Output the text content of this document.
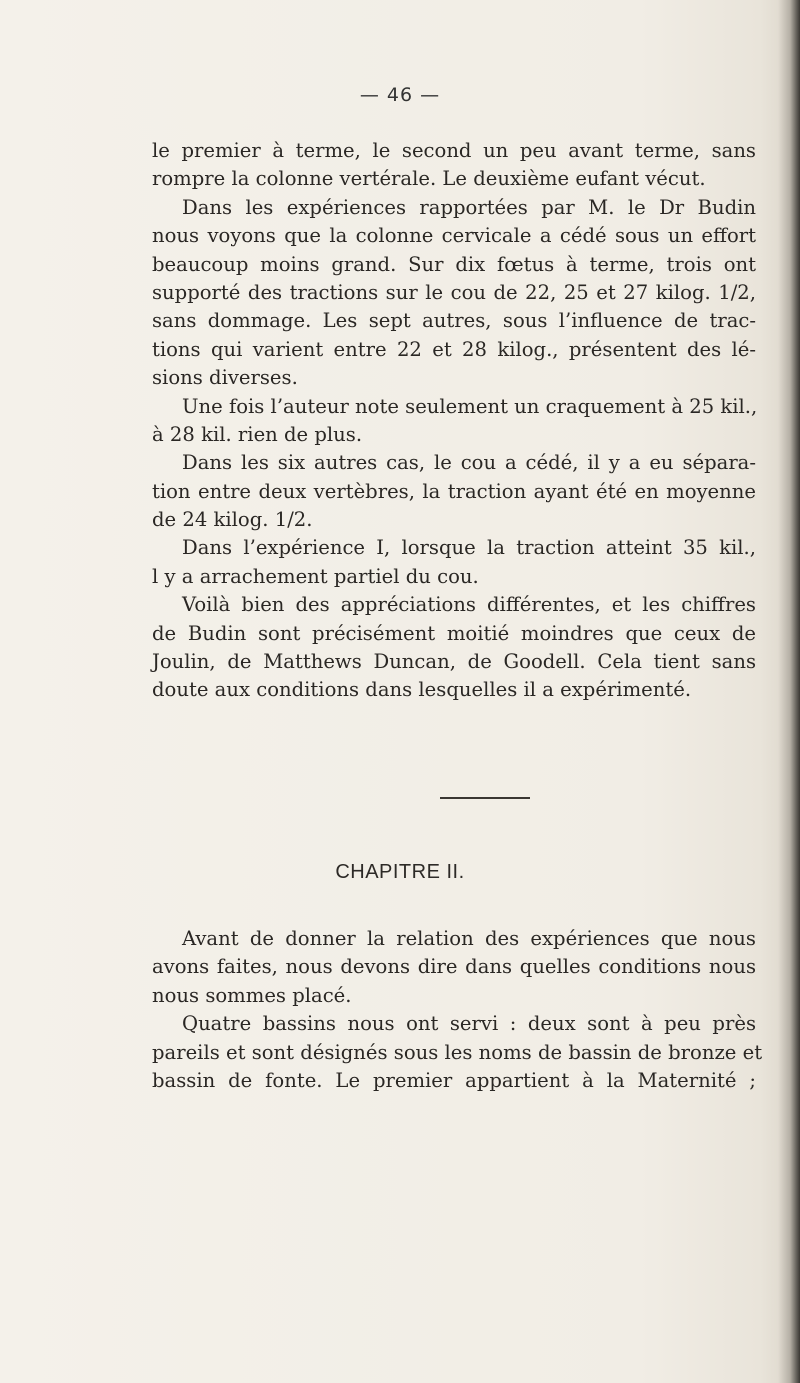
— 46 —
le premier à terme, le second un peu avant terme, sans
rompre la colonne vertérale. Le deuxième eufant vécut.
Dans les expériences rapportées par M. le Dr Budin
nous voyons que la colonne cervicale a cédé sous un effort
beaucoup moins grand. Sur dix fœtus à terme, trois ont
supporté des tractions sur le cou de 22, 25 et 27 kilog. 1/2,
sans dommage. Les sept autres, sous l’influence de trac-
tions qui varient entre 22 et 28 kilog., présentent des lé-
sions diverses.
Une fois l’auteur note seulement un craquement à 25 kil.,
à 28 kil. rien de plus.
Dans les six autres cas, le cou a cédé, il y a eu sépara-
tion entre deux vertèbres, la traction ayant été en moyenne
de 24 kilog. 1/2.
Dans l’expérience I, lorsque la traction atteint 35 kil.,
l y a arrachement partiel du cou.
Voilà bien des appréciations différentes, et les chiffres
de Budin sont précisément moitié moindres que ceux de
Joulin, de Matthews Duncan, de Goodell. Cela tient sans
doute aux conditions dans lesquelles il a expérimenté.
CHAPITRE II.
Avant de donner la relation des expériences que nous
avons faites, nous devons dire dans quelles conditions nous
nous sommes placé.
Quatre bassins nous ont servi : deux sont à peu près
pareils et sont désignés sous les noms de bassin de bronze et
bassin de fonte. Le premier appartient à la Maternité ;
